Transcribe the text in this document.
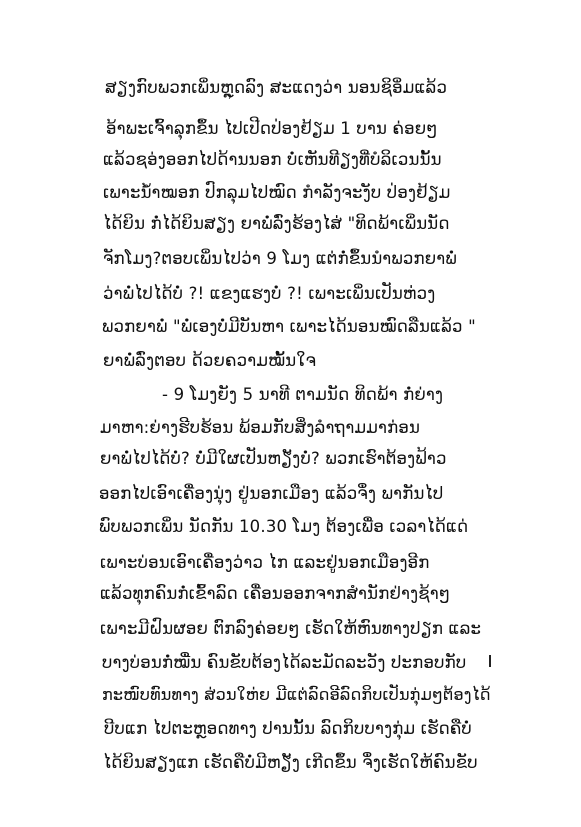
ສຽງກົບພວກເພິ່ນຫຼຸດລົງ ສະແດງວ່າ ນອນຊິອິ່ມແລ້ວ
ອ້າພະເຈົ້າລຸກຂຶ້ນ ໄປເປີດປ່ອງຢ້ຽມ 1 ບານ ຄ່ອຍໆ
ແລ້ວຊອ່ງອອກໄປດ້ານນອກ ບໍ່ເຫັນທີຽງທີ່ບໍລິເວນນັ້ນ
ເພາະນ້ຳໝອກ ປົກລຸມໄປໝົດ ກຳລັງຈະງັບ ປ່ອງຢ້ຽມ
ໄດ້ຍິນ ກໍ່ໄດ້ຍິນສຽງ ຍາພໍ່ລົ່ງຮ້ອງໄສ່ "ທິດພ້າເພິ່ນນັດ
ຈັກໂມງ?ຕອບເພິ່ນໄປວ່າ 9 ໂມງ ແຕ່ກໍ່ຂຶ້ນນຳພວກຍາພໍ່
ວ່າພໍ່ໄປໄດ້ບໍ່ ?! ແຂງແຮງບໍ່ ?! ເພາະເພິ່ນເປັນຫ່ວງ
ພວກຍາພໍ່ "ພໍ່ເອງບໍ່ມີບັນຫາ ເພາະໄດ້ນອນໝົດລືນແລ້ວ "
ຍາພໍ່ລົ່ງຕອບ ດ້ວຍຄວາມໝັ້ນໃຈ
- 9 ໂມງຍັງ 5 ນາທີ ຕາມນັດ ທິດພ້າ ກໍ່ຍ່າງ
ມາຫາ:ຍ່າງຮີບຮ້ອນ ພ້ອມກັບສິ່ງລໍາຖາມມາກ່ອນ
ຍາພໍ່ໄປໄດ້ບໍ່? ບໍ່ມີໃຜເປັນຫຽັງບໍ່? ພວກເຮົາຕ້ອງຟ້າວ
ອອກໄປເອົາເຄື່ອງນຸ່ງ ຢູ່ນອກເມືອງ ແລ້ວຈຶ່ງ ພາກັນໄປ
ພົບພວກເພິ່ນ ນັດກັນ 10.30 ໂມງ ຕ້ອງເພື່ອ ເວລາໄດ້ແດ່
ເພາະບ່ອນເອົາເຄື່ອງວ່າວ ໄກ ແລະຢູ່ນອກເມືອງອີກ
ແລ້ວທຸກຄົນກໍ່ເຂົ້າລົດ ເຄື່ອນອອກຈາກສຳນັກຢ່າງຊ້າໆ
ເພາະມີຝົນຜອຍ ຕົກລົງຄ່ອຍໆ ເຮັດໃຫ້ຫົນທາງປຽກ ແລະ
ບາງບ່ອນກໍ່ໝື່ນ ຄົນຂັບຕ້ອງໄດ້ລະມັດລະວັງ ປະກອບກັບ
ກະໜົບທົນທາງ ສ່ວນໃຫ່ຍ ມີແຕ່ລົດອີລົດກິບເປັນກຸ່ມໆຕ້ອງໄດ້
ບີບແກ ໄປຕະຫຼອດທາງ ປານນັ້ນ ລົດກິບບາງກຸ່ມ ເຮັດຄືບໍ່
ໄດ້ຍິນສຽງແກ ເຮັດຄືບໍ່ມີຫຽັງ ເກີດຂຶ້ນ ຈຶ່ງເຮັດໃຫ້ຄົນຂັບ
